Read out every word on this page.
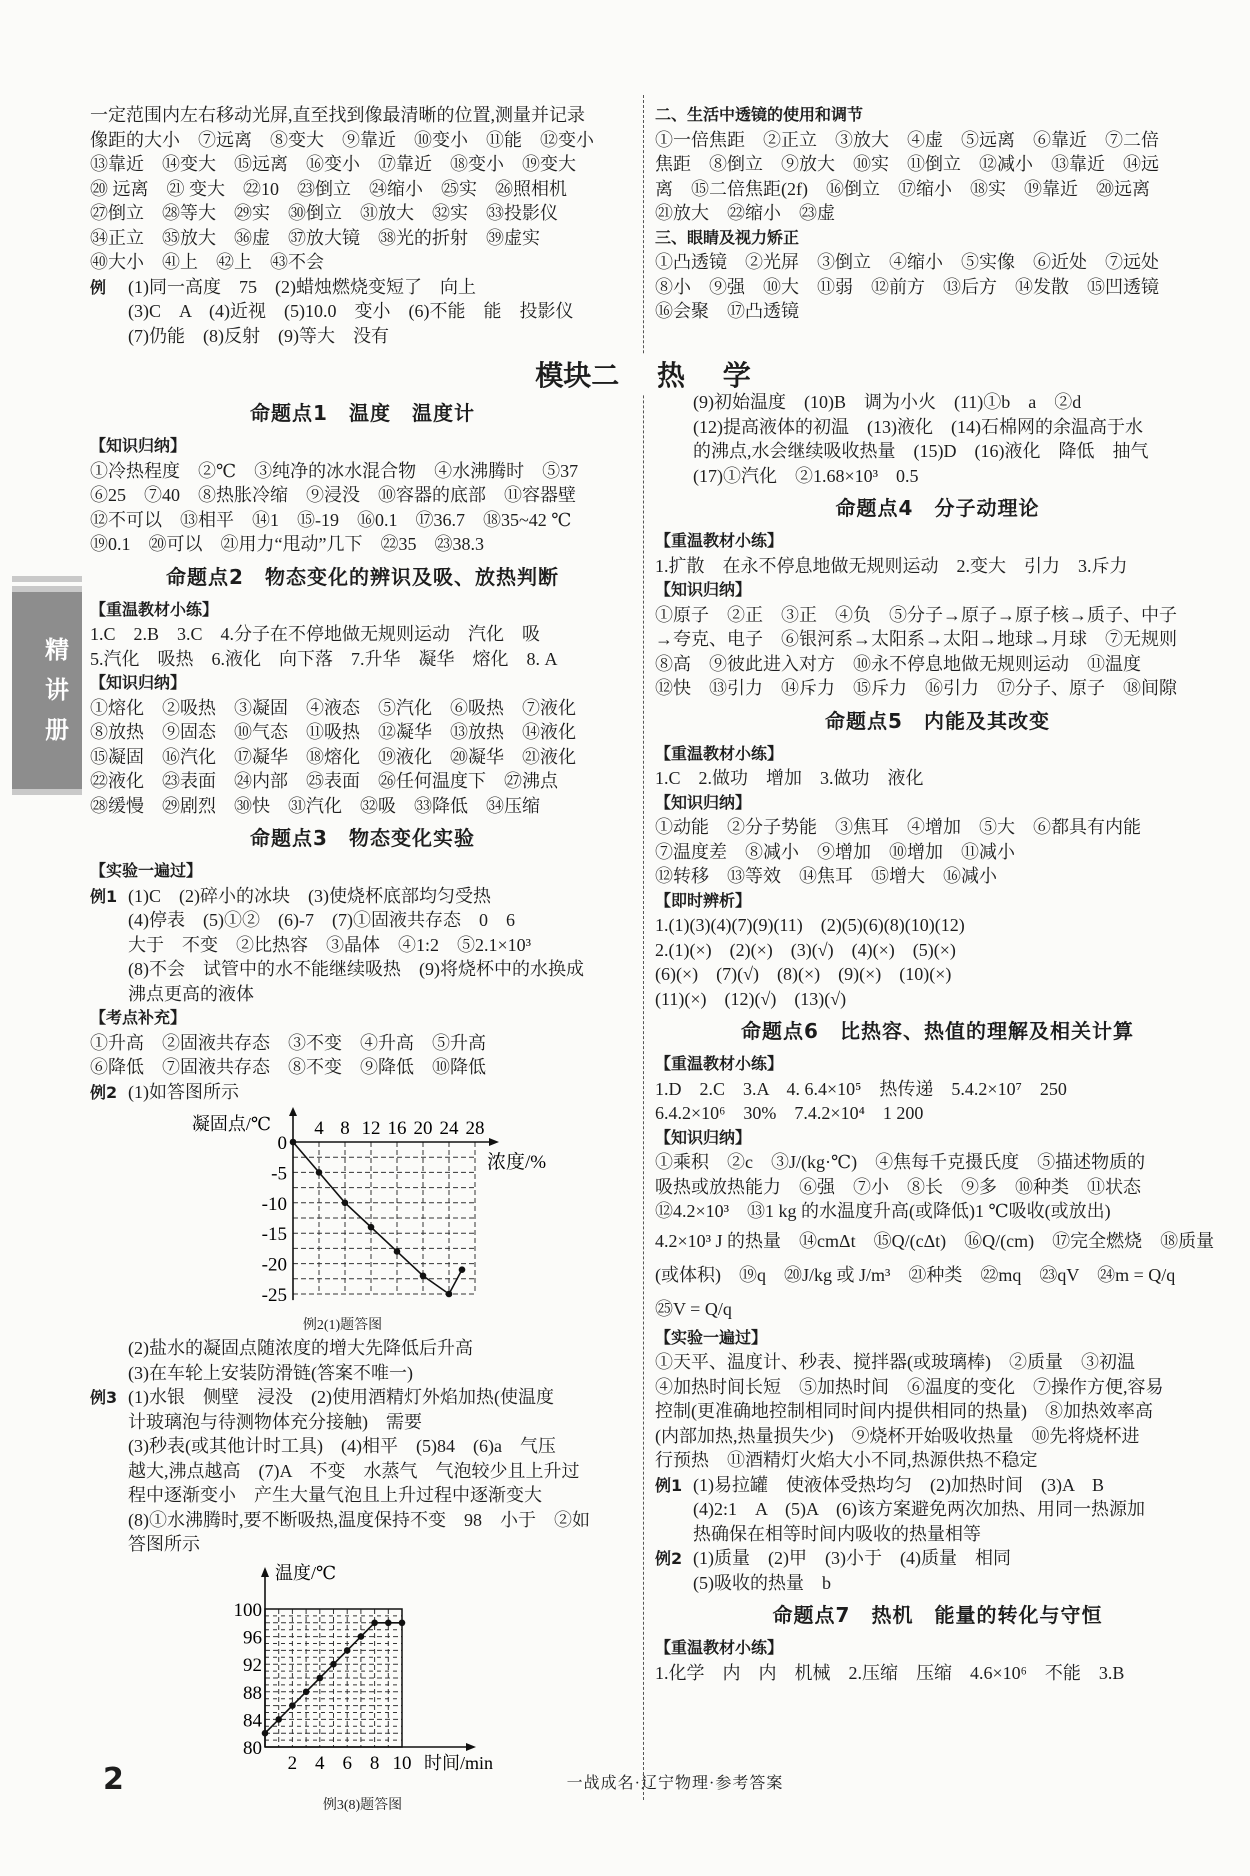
精讲册
一定范围内左右移动光屏,直至找到像最清晰的位置,测量并记录
像距的大小　⑦远离　⑧变大　⑨靠近　⑩变小　⑪能　⑫变小
⑬靠近　⑭变大　⑮远离　⑯变小　⑰靠近　⑱变小　⑲变大
⑳ 远离　㉑ 变大　㉒10　㉓倒立　㉔缩小　㉕实　㉖照相机
㉗倒立　㉘等大　㉙实　㉚倒立　㉛放大　㉜实　㉝投影仪
㉞正立　㉟放大　㊱虚　㊲放大镜　㊳光的折射　㊴虚实
㊵大小　㊶上　㊷上　㊸不会
例 (1)同一高度　75　(2)蜡烛燃烧变短了　向上
(3)C　A　(4)近视　(5)10.0　变小　(6)不能　能　投影仪
(7)仍能　(8)反射　(9)等大　没有
二、生活中透镜的使用和调节
①一倍焦距　②正立　③放大　④虚　⑤远离　⑥靠近　⑦二倍
焦距　⑧倒立　⑨放大　⑩实　⑪倒立　⑫减小　⑬靠近　⑭远
离　⑮二倍焦距(2f)　⑯倒立　⑰缩小　⑱实　⑲靠近　⑳远离
㉑放大　㉒缩小　㉓虚
三、眼睛及视力矫正
①凸透镜　②光屏　③倒立　④缩小　⑤实像　⑥近处　⑦远处
⑧小　⑨强　⑩大　⑪弱　⑫前方　⑬后方　⑭发散　⑮凹透镜
⑯会聚　⑰凸透镜
模块二　 热　 学
命题点1　温度　温度计
【知识归纳】
①冷热程度　②℃　③纯净的冰水混合物　④水沸腾时　⑤37
⑥25　⑦40　⑧热胀冷缩　⑨浸没　⑩容器的底部　⑪容器壁
⑫不可以　⑬相平　⑭1　⑮-19　⑯0.1　⑰36.7　⑱35~42 ℃
⑲0.1　⑳可以　㉑用力“甩动”几下　㉒35　㉓38.3
命题点2　物态变化的辨识及吸、放热判断
【重温教材小练】
1.C　2.B　3.C　4.分子在不停地做无规则运动　汽化　吸
5.汽化　吸热　6.液化　向下落　7.升华　凝华　熔化　8. A
【知识归纳】
①熔化　②吸热　③凝固　④液态　⑤汽化　⑥吸热　⑦液化
⑧放热　⑨固态　⑩气态　⑪吸热　⑫凝华　⑬放热　⑭液化
⑮凝固　⑯汽化　⑰凝华　⑱熔化　⑲液化　⑳凝华　㉑液化
㉒液化　㉓表面　㉔内部　㉕表面　㉖任何温度下　㉗沸点
㉘缓慢　㉙剧烈　㉚快　㉛汽化　㉜吸　㉝降低　㉞压缩
命题点3　物态变化实验
【实验一遍过】
例1 (1)C　(2)碎小的冰块　(3)使烧杯底部均匀受热
(4)停表　(5)①②　(6)-7　(7)①固液共存态　0　6
大于　不变　②比热容　③晶体　④1:2　⑤2.1×10³
(8)不会　试管中的水不能继续吸热　(9)将烧杯中的水换成
沸点更高的液体
【考点补充】
①升高　②固液共存态　③不变　④升高　⑤升高
⑥降低　⑦固液共存态　⑧不变　⑨降低　⑩降低
例2 (1)如答图所示
4 8 12 16 20 24 28
0
-5
-10
-15
-20
-25
凝固点/℃
浓度/%
例2(1)题答图
(2)盐水的凝固点随浓度的增大先降低后升高
(3)在车轮上安装防滑链(答案不唯一)
例3 (1)水银　侧壁　浸没　(2)使用酒精灯外焰加热(使温度
计玻璃泡与待测物体充分接触)　需要
(3)秒表(或其他计时工具)　(4)相平　(5)84　(6)a　气压
越大,沸点越高　(7)A　不变　水蒸气　气泡较少且上升过
程中逐渐变小　产生大量气泡且上升过程中逐渐变大
(8)①水沸腾时,要不断吸热,温度保持不变　98　小于　②如
答图所示
2 4 6 8 10
80
84
88
92
96
100
温度/℃
时间/min
例3(8)题答图
(9)初始温度　(10)B　调为小火　(11)①b　a　②d
(12)提高液体的初温　(13)液化　(14)石棉网的余温高于水
的沸点,水会继续吸收热量　(15)D　(16)液化　降低　抽气
(17)①汽化　②1.68×10³　0.5
命题点4　分子动理论
【重温教材小练】
1.扩散　在永不停息地做无规则运动　2.变大　引力　3.斥力
【知识归纳】
①原子　②正　③正　④负　⑤分子→原子→原子核→质子、中子
→夸克、电子　⑥银河系→太阳系→太阳→地球→月球　⑦无规则
⑧高　⑨彼此进入对方　⑩永不停息地做无规则运动　⑪温度
⑫快　⑬引力　⑭斥力　⑮斥力　⑯引力　⑰分子、原子　⑱间隙
命题点5　内能及其改变
【重温教材小练】
1.C　2.做功　增加　3.做功　液化
【知识归纳】
①动能　②分子势能　③焦耳　④增加　⑤大　⑥都具有内能
⑦温度差　⑧减小　⑨增加　⑩增加　⑪减小
⑫转移　⑬等效　⑭焦耳　⑮增大　⑯减小
【即时辨析】
1.(1)(3)(4)(7)(9)(11)　(2)(5)(6)(8)(10)(12)
2.(1)(×)　(2)(×)　(3)(√)　(4)(×)　(5)(×)
(6)(×)　(7)(√)　(8)(×)　(9)(×)　(10)(×)
(11)(×)　(12)(√)　(13)(√)
命题点6　比热容、热值的理解及相关计算
【重温教材小练】
1.D　2.C　3.A　4. 6.4×10⁵　热传递　5.4.2×10⁷　250
6.4.2×10⁶　30%　7.4.2×10⁴　1 200
【知识归纳】
①乘积　②c　③J/(kg·℃)　④焦每千克摄氏度　⑤描述物质的
吸热或放热能力　⑥强　⑦小　⑧长　⑨多　⑩种类　⑪状态
⑫4.2×10³　⑬1 kg 的水温度升高(或降低)1 ℃吸收(或放出)
4.2×10³ J 的热量　⑭cmΔt　⑮Q/(cΔt)　⑯Q/(cm)　⑰完全燃烧　⑱质量
(或体积)　⑲q　⑳J/kg 或 J/m³　㉑种类　㉒mq　㉓qV　㉔m = Q/q
㉕V = Q/q
【实验一遍过】
①天平、温度计、秒表、搅拌器(或玻璃棒)　②质量　③初温
④加热时间长短　⑤加热时间　⑥温度的变化　⑦操作方便,容易
控制(更准确地控制相同时间内提供相同的热量)　⑧加热效率高
(内部加热,热量损失少)　⑨烧杯开始吸收热量　⑩先将烧杯进
行预热　⑪酒精灯火焰大小不同,热源供热不稳定
例1 (1)易拉罐　使液体受热均匀　(2)加热时间　(3)A　B
(4)2:1　A　(5)A　(6)该方案避免两次加热、用同一热源加
热确保在相等时间内吸收的热量相等
例2 (1)质量　(2)甲　(3)小于　(4)质量　相同
(5)吸收的热量　b
命题点7　热机　能量的转化与守恒
【重温教材小练】
1.化学　内　内　机械　2.压缩　压缩　4.6×10⁶　不能　3.B
2	一战成名·辽宁物理·参考答案
